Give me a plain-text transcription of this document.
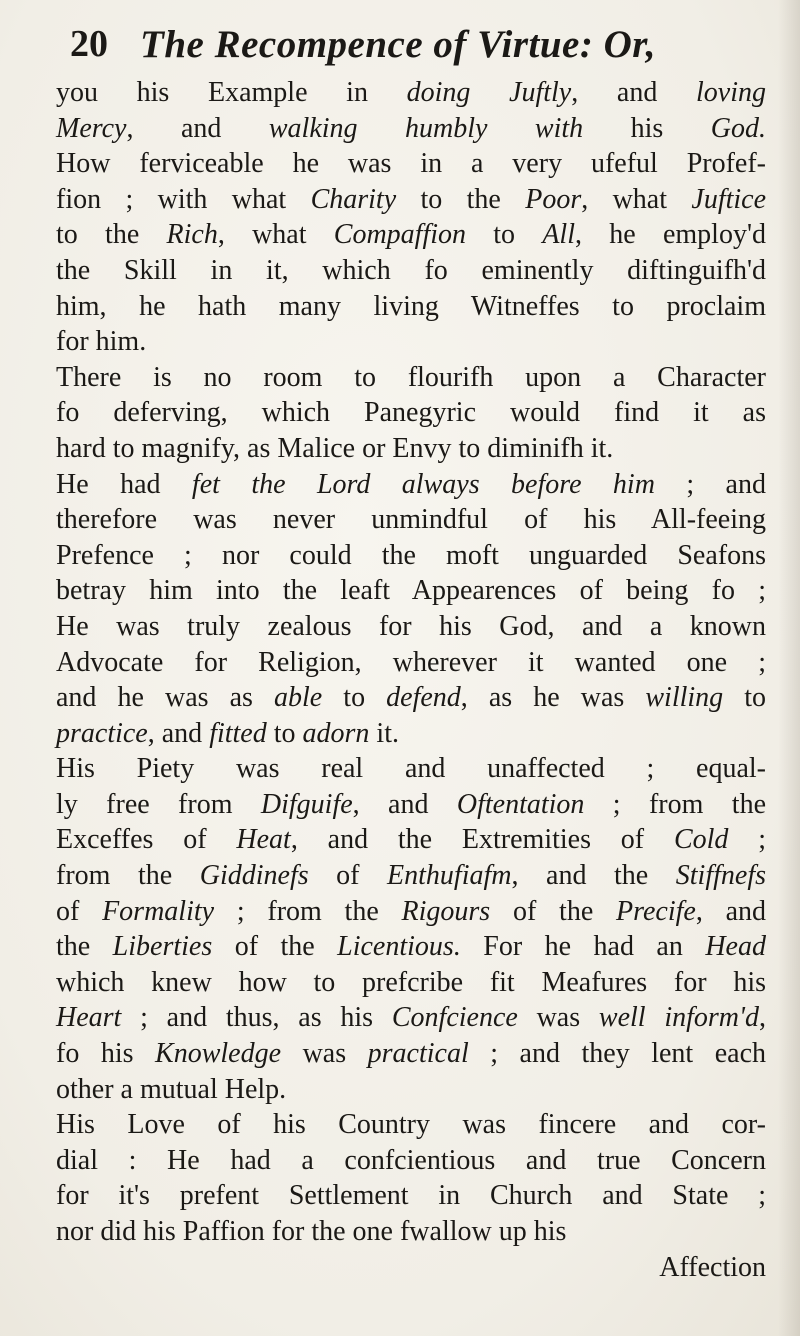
20 The Recompence of Virtue: Or,
you his Example in doing Juftly, and loving
Mercy, and walking humbly with his God.
How ferviceable he was in a very ufeful Profef-
fion ; with what Charity to the Poor, what Juftice
to the Rich, what Compaffion to All, he employ'd
the Skill in it, which fo eminently diftinguifh'd
him, he hath many living Witneffes to proclaim
for him.
There is no room to flourifh upon a Character
fo deferving, which Panegyric would find it as
hard to magnify, as Malice or Envy to diminifh it.
He had fet the Lord always before him ; and
therefore was never unmindful of his All-feeing
Prefence ; nor could the moft unguarded Seafons
betray him into the leaft Appearences of being fo ;
He was truly zealous for his God, and a known
Advocate for Religion, wherever it wanted one ;
and he was as able to defend, as he was willing to
practice, and fitted to adorn it.
His Piety was real and unaffected ; equal-
ly free from Difguife, and Oftentation ; from the
Exceffes of Heat, and the Extremities of Cold ;
from the Giddinefs of Enthufiafm, and the Stiffnefs
of Formality ; from the Rigours of the Precife, and
the Liberties of the Licentious. For he had an Head
which knew how to prefcribe fit Meafures for his
Heart ; and thus, as his Confcience was well inform'd,
fo his Knowledge was practical ; and they lent each
other a mutual Help.
His Love of his Country was fincere and cor-
dial : He had a confcientious and true Concern
for it's prefent Settlement in Church and State ;
nor did his Paffion for the one fwallow up his
Affection
